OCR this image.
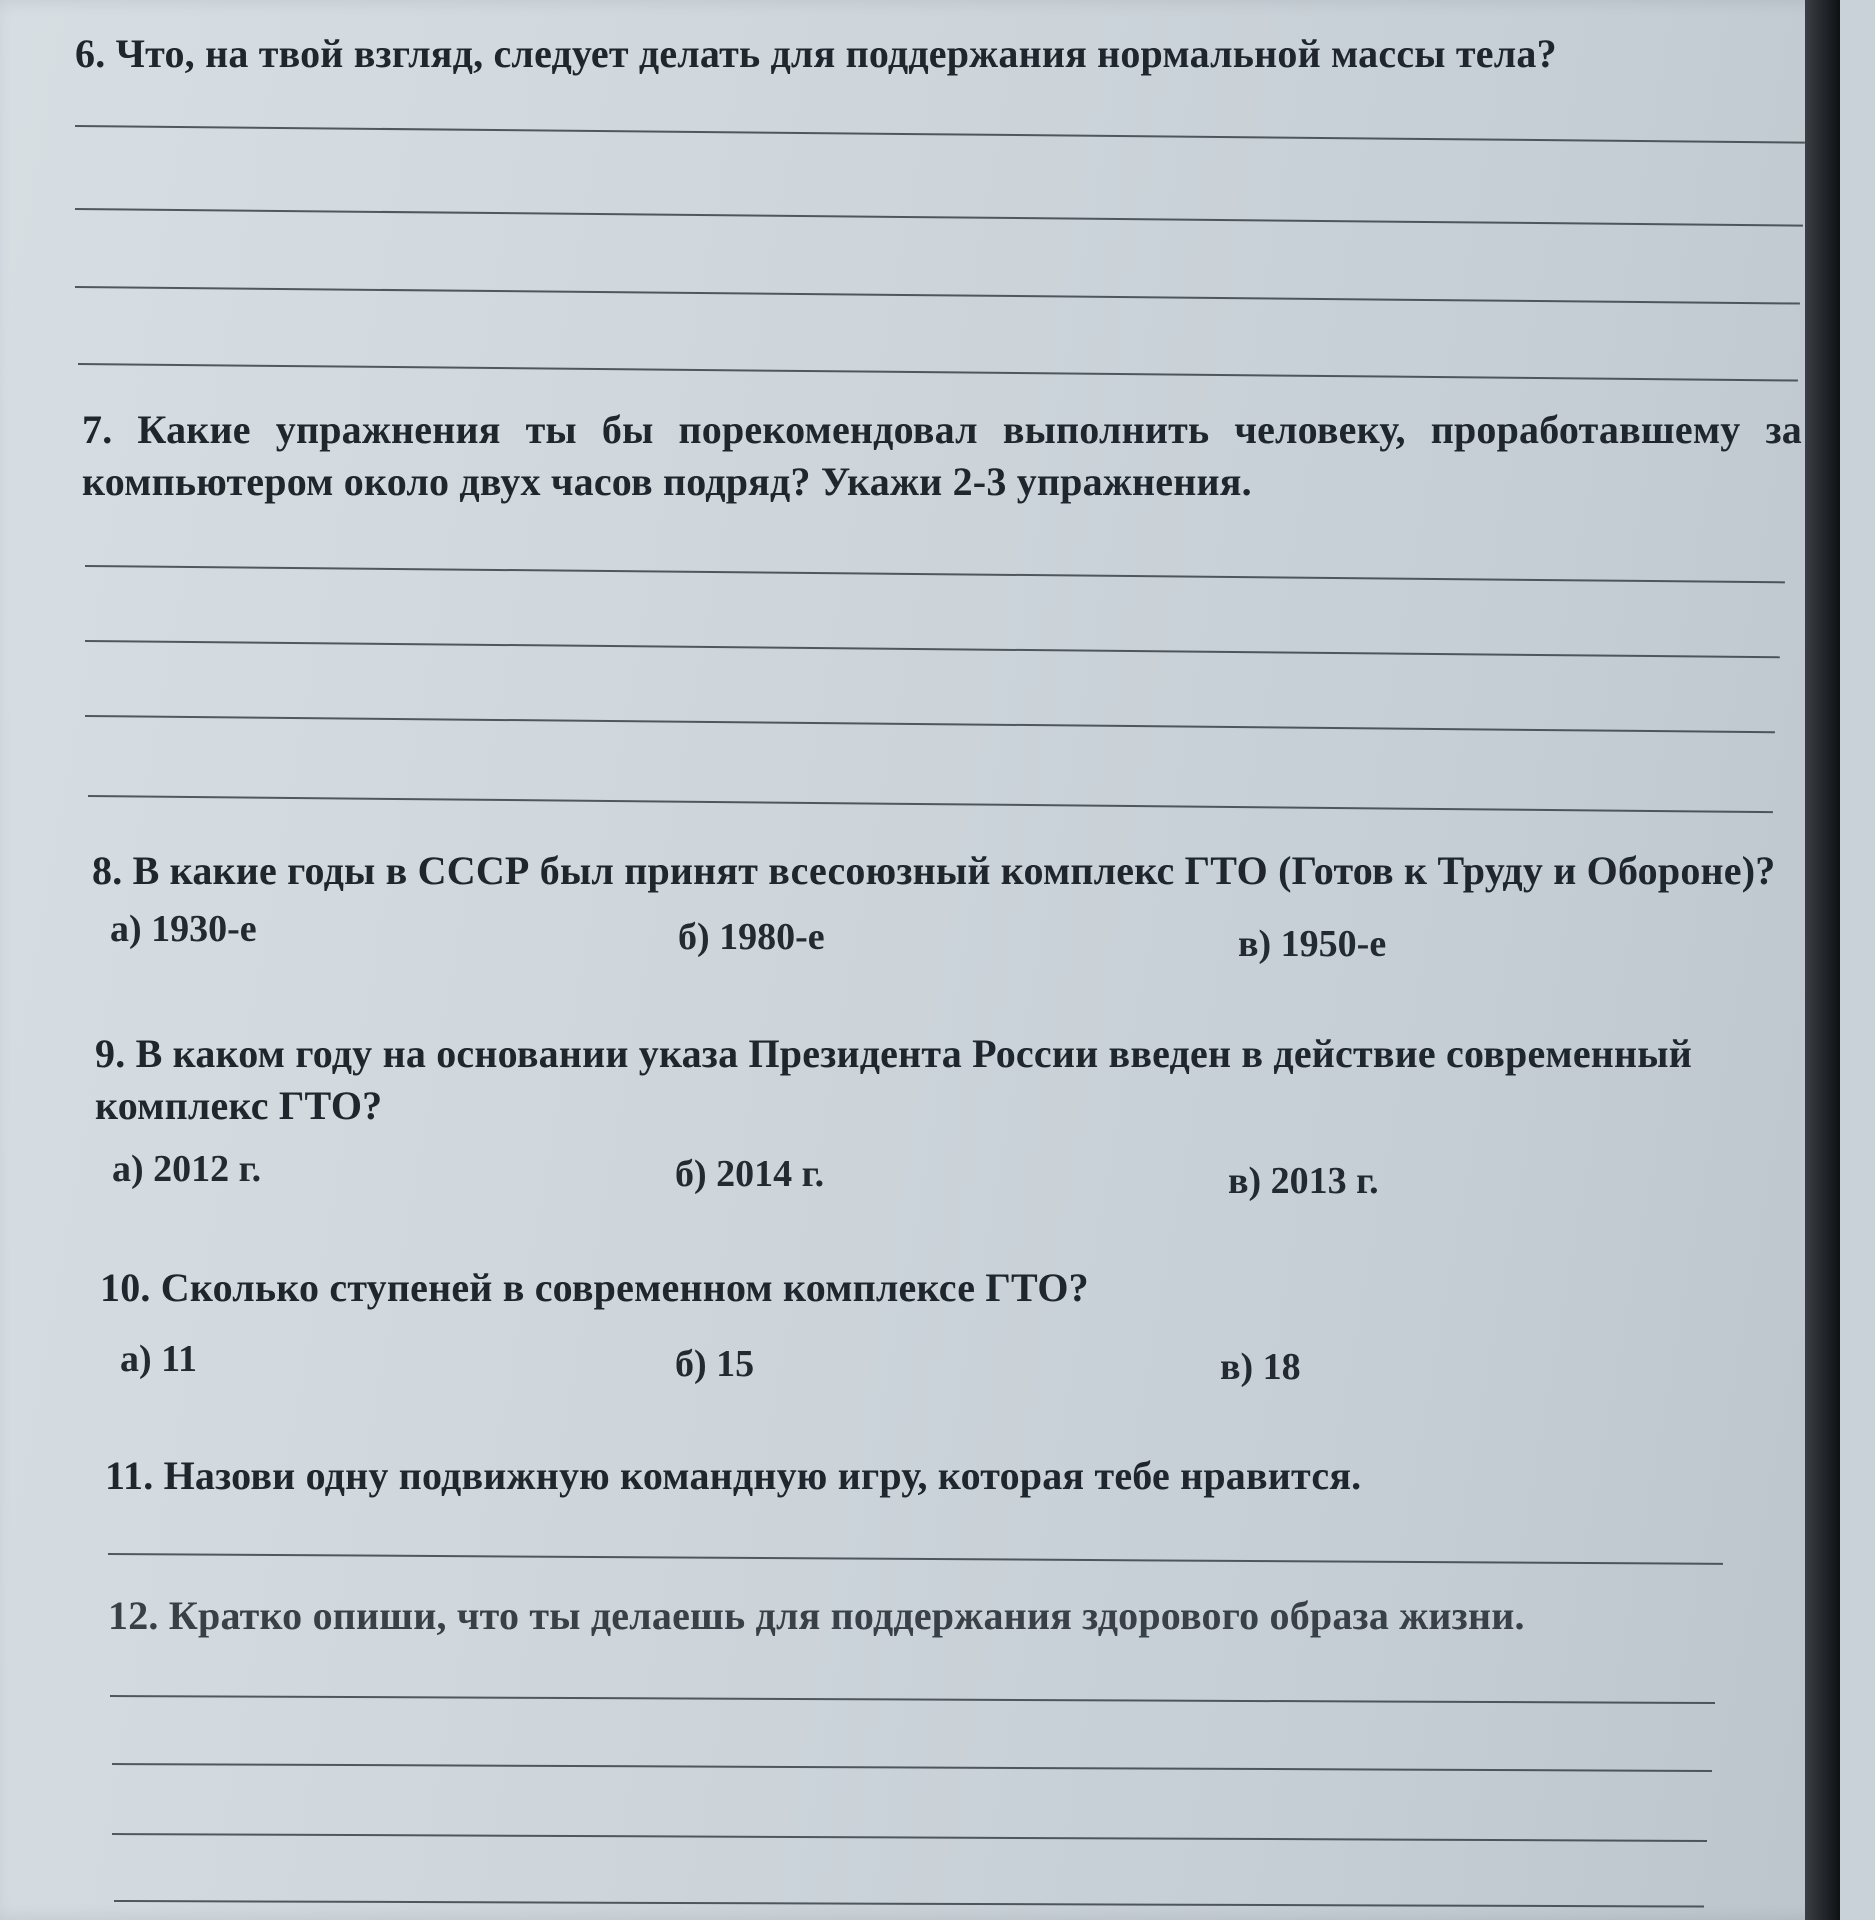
6. Что, на твой взгляд, следует делать для поддержания нормальной массы тела?
7. Какие упражнения ты бы порекомендовал выполнить человеку, проработавшему за компьютером около двух часов подряд? Укажи 2-3 упражнения.
8. В какие годы в СССР был принят всесоюзный комплекс ГТО (Готов к Труду и Обороне)?
а) 1930-е	б) 1980-е	в) 1950-е
9. В каком году на основании указа Президента России введен в действие современный комплекс ГТО?
а) 2012 г.	б) 2014 г.	в) 2013 г.
10. Сколько ступеней в современном комплексе ГТО?
а) 11	б) 15	в) 18
11. Назови одну подвижную командную игру, которая тебе нравится.
12. Кратко опиши, что ты делаешь для поддержания здорового образа жизни.
